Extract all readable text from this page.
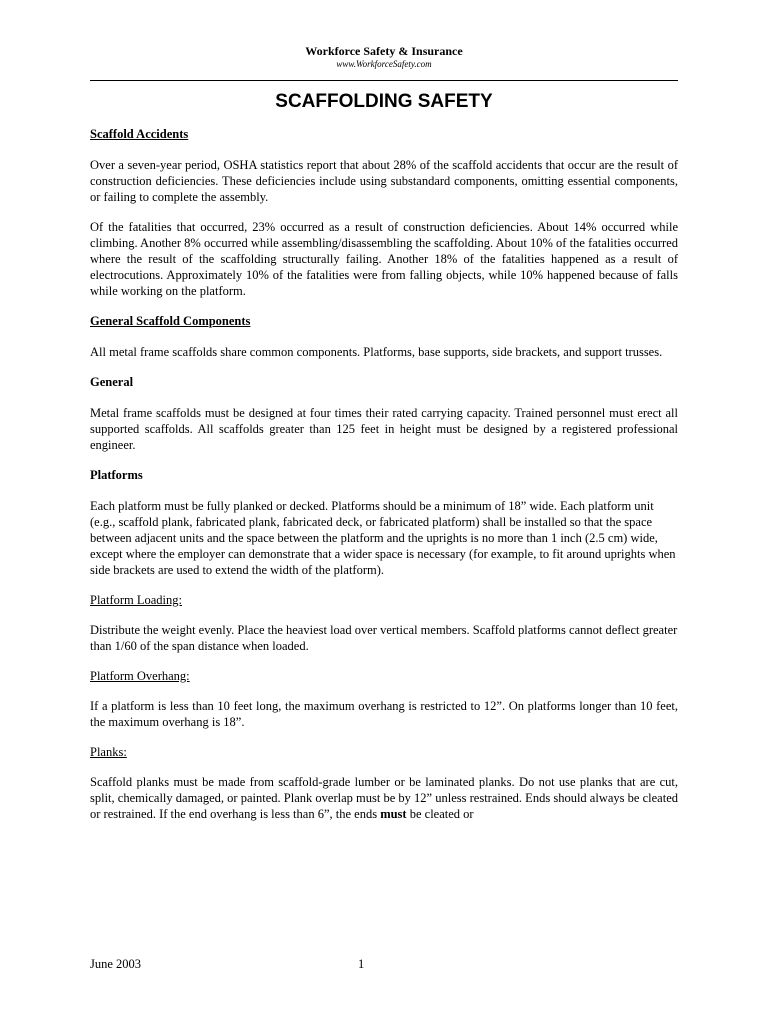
Workforce Safety & Insurance
www.WorkforceSafety.com
SCAFFOLDING SAFETY
Scaffold Accidents

Over a seven-year period, OSHA statistics report that about 28% of the scaffold accidents that occur are the result of construction deficiencies. These deficiencies include using substandard components, omitting essential components, or failing to complete the assembly.

Of the fatalities that occurred, 23% occurred as a result of construction deficiencies. About 14% occurred while climbing. Another 8% occurred while assembling/disassembling the scaffolding. About 10% of the fatalities occurred where the result of the scaffolding structurally failing. Another 18% of the fatalities happened as a result of electrocutions. Approximately 10% of the fatalities were from falling objects, while 10% happened because of falls while working on the platform.

General Scaffold Components

All metal frame scaffolds share common components. Platforms, base supports, side brackets, and support trusses.

General

Metal frame scaffolds must be designed at four times their rated carrying capacity. Trained personnel must erect all supported scaffolds. All scaffolds greater than 125 feet in height must be designed by a registered professional engineer.

Platforms

Each platform must be fully planked or decked. Platforms should be a minimum of 18” wide. Each platform unit (e.g., scaffold plank, fabricated plank, fabricated deck, or fabricated platform) shall be installed so that the space between adjacent units and the space between the platform and the uprights is no more than 1 inch (2.5 cm) wide, except where the employer can demonstrate that a wider space is necessary (for example, to fit around uprights when side brackets are used to extend the width of the platform).

Platform Loading:

Distribute the weight evenly. Place the heaviest load over vertical members. Scaffold platforms cannot deflect greater than 1/60 of the span distance when loaded.

Platform Overhang:

If a platform is less than 10 feet long, the maximum overhang is restricted to 12”. On platforms longer than 10 feet, the maximum overhang is 18”.

Planks:

Scaffold planks must be made from scaffold-grade lumber or be laminated planks. Do not use planks that are cut, split, chemically damaged, or painted. Plank overlap must be by 12” unless restrained. Ends should always be cleated or restrained. If the end overhang is less than 6”, the ends must be cleated or

June 2003	1
